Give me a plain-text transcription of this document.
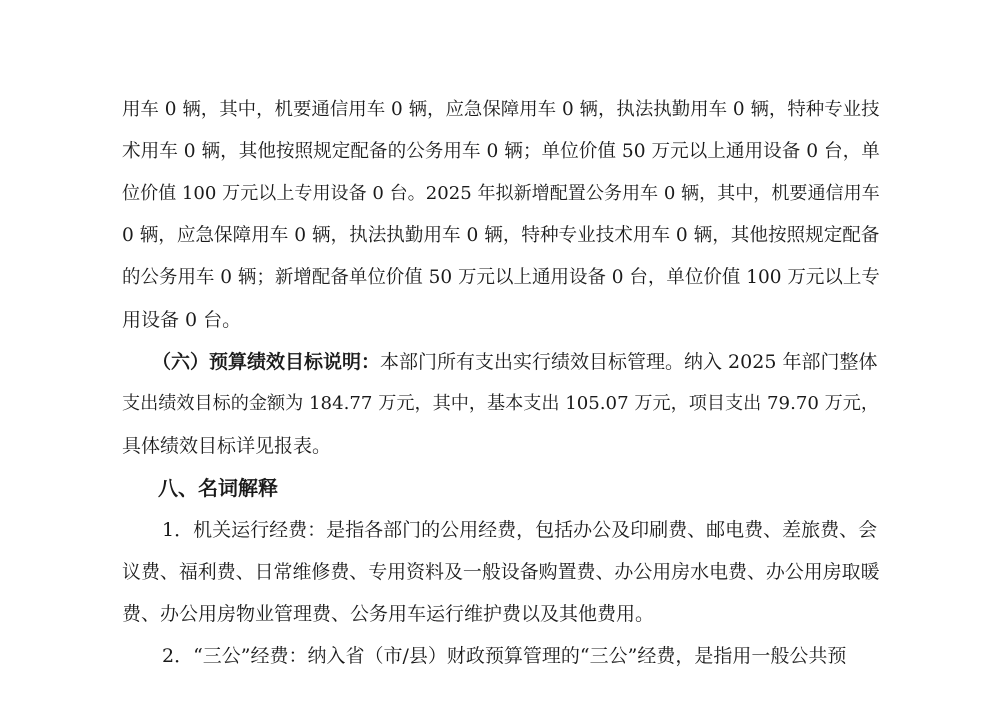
用车 0 辆，其中，机要通信用车 0 辆，应急保障用车 0 辆，执法执勤用车 0 辆，特种专业技

术用车 0 辆，其他按照规定配备的公务用车 0 辆；单位价值 50 万元以上通用设备 0 台，单

位价值 100 万元以上专用设备 0 台。2025 年拟新增配置公务用车 0 辆，其中，机要通信用车

0 辆，应急保障用车 0 辆，执法执勤用车 0 辆，特种专业技术用车 0 辆，其他按照规定配备

的公务用车 0 辆；新增配备单位价值 50 万元以上通用设备 0 台，单位价值 100 万元以上专

用设备 0 台。

（六）预算绩效目标说明：本部门所有支出实行绩效目标管理。纳入 2025 年部门整体

支出绩效目标的金额为 184.77 万元，其中，基本支出 105.07 万元，项目支出 79.70 万元，

具体绩效目标详见报表。

八、名词解释

1．机关运行经费：是指各部门的公用经费，包括办公及印刷费、邮电费、差旅费、会

议费、福利费、日常维修费、专用资料及一般设备购置费、办公用房水电费、办公用房取暖

费、办公用房物业管理费、公务用车运行维护费以及其他费用。

2．“三公”经费：纳入省（市/县）财政预算管理的“三公”经费，是指用一般公共预
